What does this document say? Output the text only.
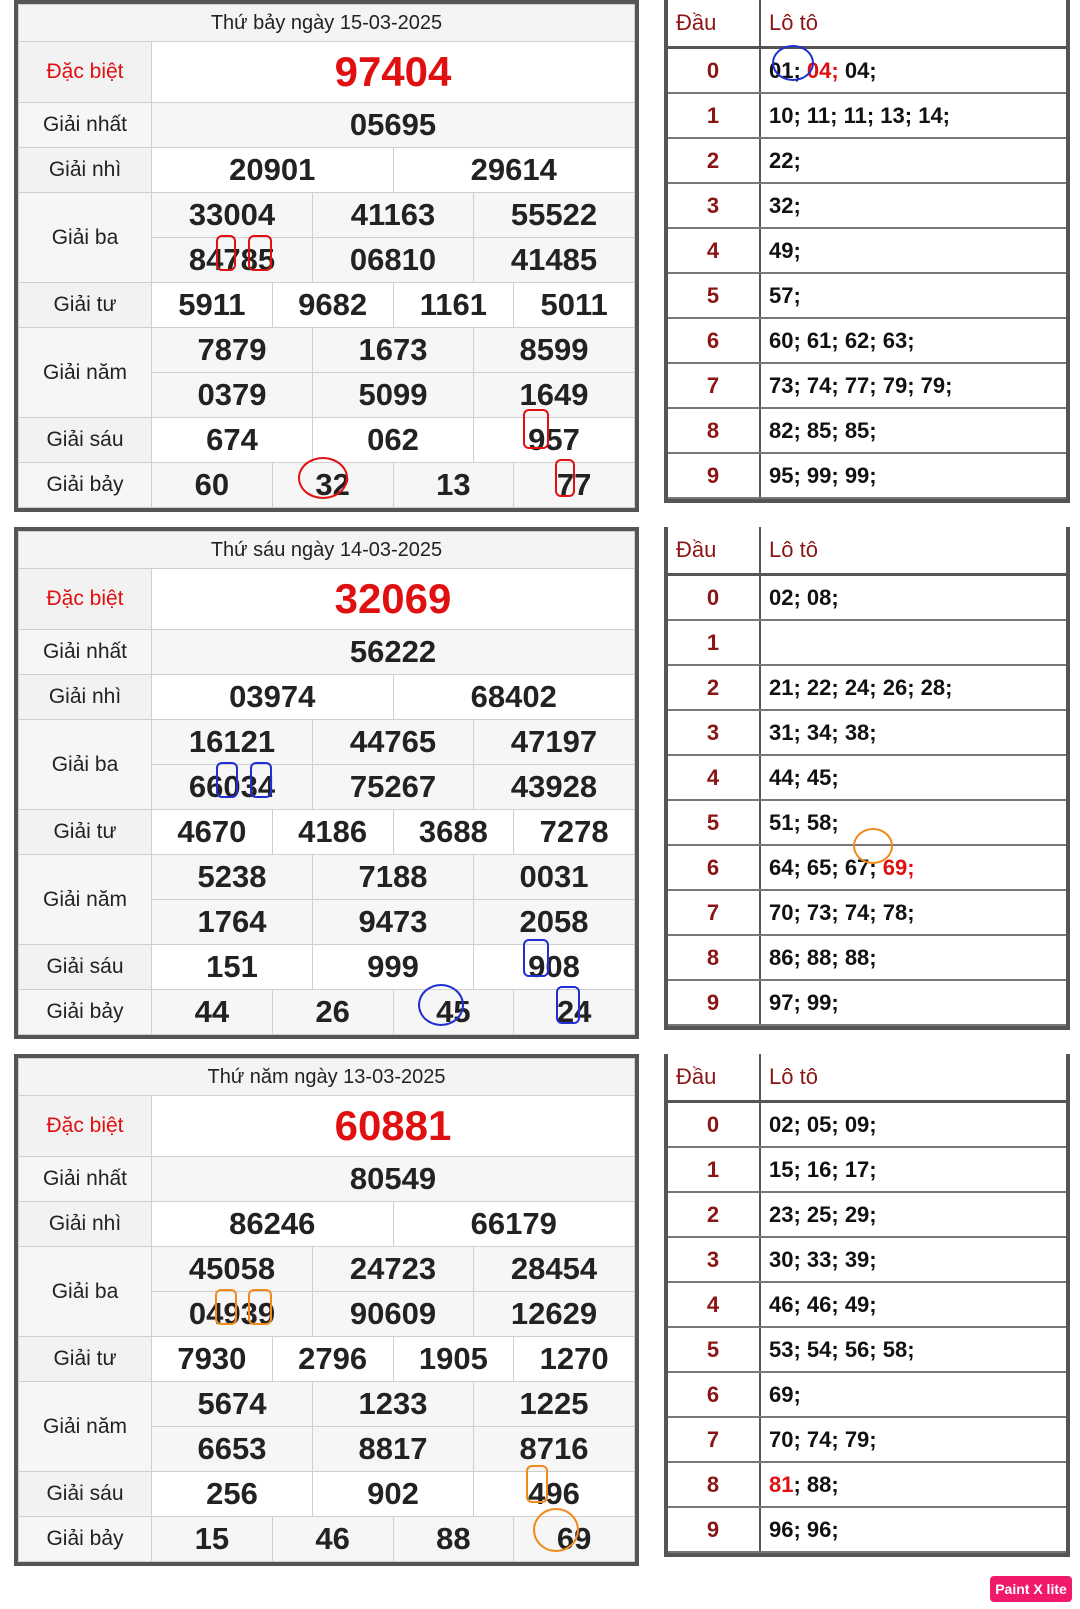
Thứ bảy ngày 15-03-2025						
Đặc biệt	97404					
Giải nhất	05695					
Giải nhì	20901			29614		
Giải ba	33004		41163		55522	
	84785		06810		41485	
Giải tư	5911	9682		1161		5011
Giải năm	7879		1673		8599	
	0379		5099		1649	
Giải sáu	674		062		957	
Giải bảy	60	32		13		77
Thứ sáu ngày 14-03-2025						
Đặc biệt	32069					
Giải nhất	56222					
Giải nhì	03974			68402		
Giải ba	16121		44765		47197	
	66034		75267		43928	
Giải tư	4670	4186		3688		7278
Giải năm	5238		7188		0031	
	1764		9473		2058	
Giải sáu	151		999		908	
Giải bảy	44	26		45		24
Thứ năm ngày 13-03-2025						
Đặc biệt	60881					
Giải nhất	80549					
Giải nhì	86246			66179		
Giải ba	45058		24723		28454	
	04939		90609		12629	
Giải tư	7930	2796		1905		1270
Giải năm	5674		1233		1225	
	6653		8817		8716	
Giải sáu	256		902		496	
Giải bảy	15	46		88		69
Đầu	Lô tô
0	01; 04; 04;
1	10; 11; 11; 13; 14;
2	22;
3	32;
4	49;
5	57;
6	60; 61; 62; 63;
7	73; 74; 77; 79; 79;
8	82; 85; 85;
9	95; 99; 99;
Đầu	Lô tô
0	02; 08;
1	
2	21; 22; 24; 26; 28;
3	31; 34; 38;
4	44; 45;
5	51; 58;
6	64; 65; 67; 69;
7	70; 73; 74; 78;
8	86; 88; 88;
9	97; 99;
Đầu	Lô tô
0	02; 05; 09;
1	15; 16; 17;
2	23; 25; 29;
3	30; 33; 39;
4	46; 46; 49;
5	53; 54; 56; 58;
6	69;
7	70; 74; 79;
8	81; 88;
9	96; 96;
Paint X lite
